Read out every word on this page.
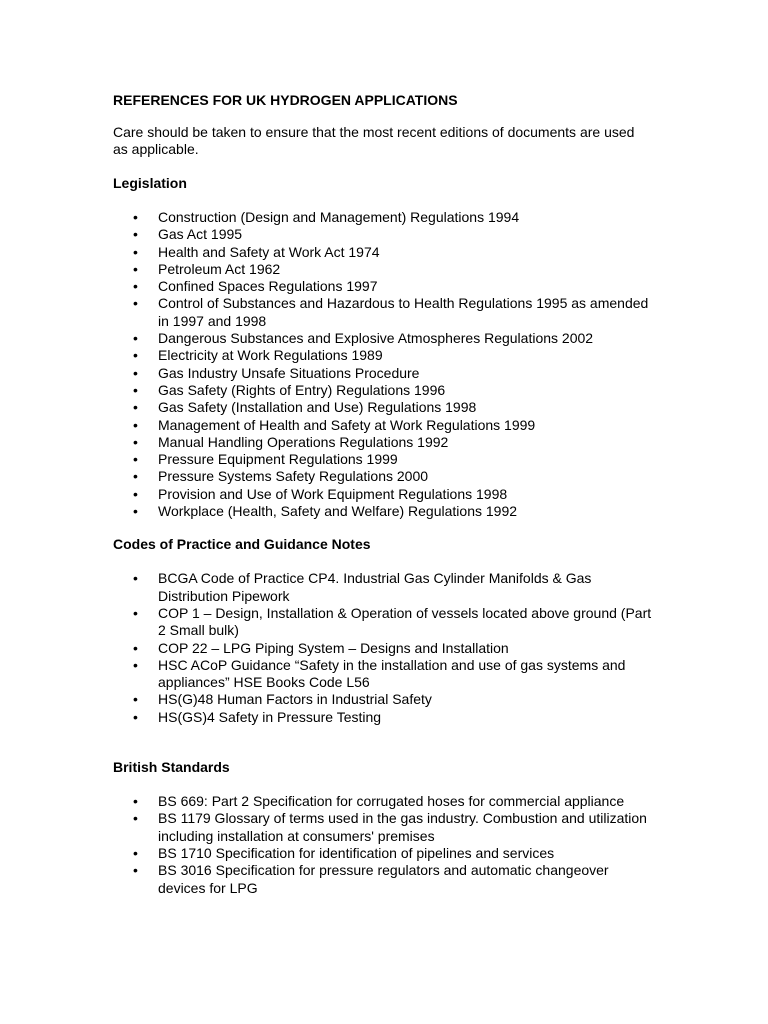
REFERENCES FOR UK HYDROGEN APPLICATIONS

Care should be taken to ensure that the most recent editions of documents are used as applicable.

Legislation

• Construction (Design and Management) Regulations 1994
• Gas Act 1995
• Health and Safety at Work Act 1974
• Petroleum Act 1962
• Confined Spaces Regulations 1997
• Control of Substances and Hazardous to Health Regulations 1995 as amended in 1997 and 1998
• Dangerous Substances and Explosive Atmospheres Regulations 2002
• Electricity at Work Regulations 1989
• Gas Industry Unsafe Situations Procedure
• Gas Safety (Rights of Entry) Regulations 1996
• Gas Safety (Installation and Use) Regulations 1998
• Management of Health and Safety at Work Regulations 1999
• Manual Handling Operations Regulations 1992
• Pressure Equipment Regulations 1999
• Pressure Systems Safety Regulations 2000
• Provision and Use of Work Equipment Regulations 1998
• Workplace (Health, Safety and Welfare) Regulations 1992

Codes of Practice and Guidance Notes

• BCGA Code of Practice CP4. Industrial Gas Cylinder Manifolds & Gas Distribution Pipework
• COP 1 – Design, Installation & Operation of vessels located above ground (Part 2 Small bulk)
• COP 22 – LPG Piping System – Designs and Installation
• HSC ACoP Guidance “Safety in the installation and use of gas systems and appliances” HSE Books Code L56
• HS(G)48 Human Factors in Industrial Safety
• HS(GS)4 Safety in Pressure Testing

British Standards

• BS 669: Part 2 Specification for corrugated hoses for commercial appliance
• BS 1179 Glossary of terms used in the gas industry. Combustion and utilization including installation at consumers' premises
• BS 1710 Specification for identification of pipelines and services
• BS 3016 Specification for pressure regulators and automatic changeover devices for LPG
